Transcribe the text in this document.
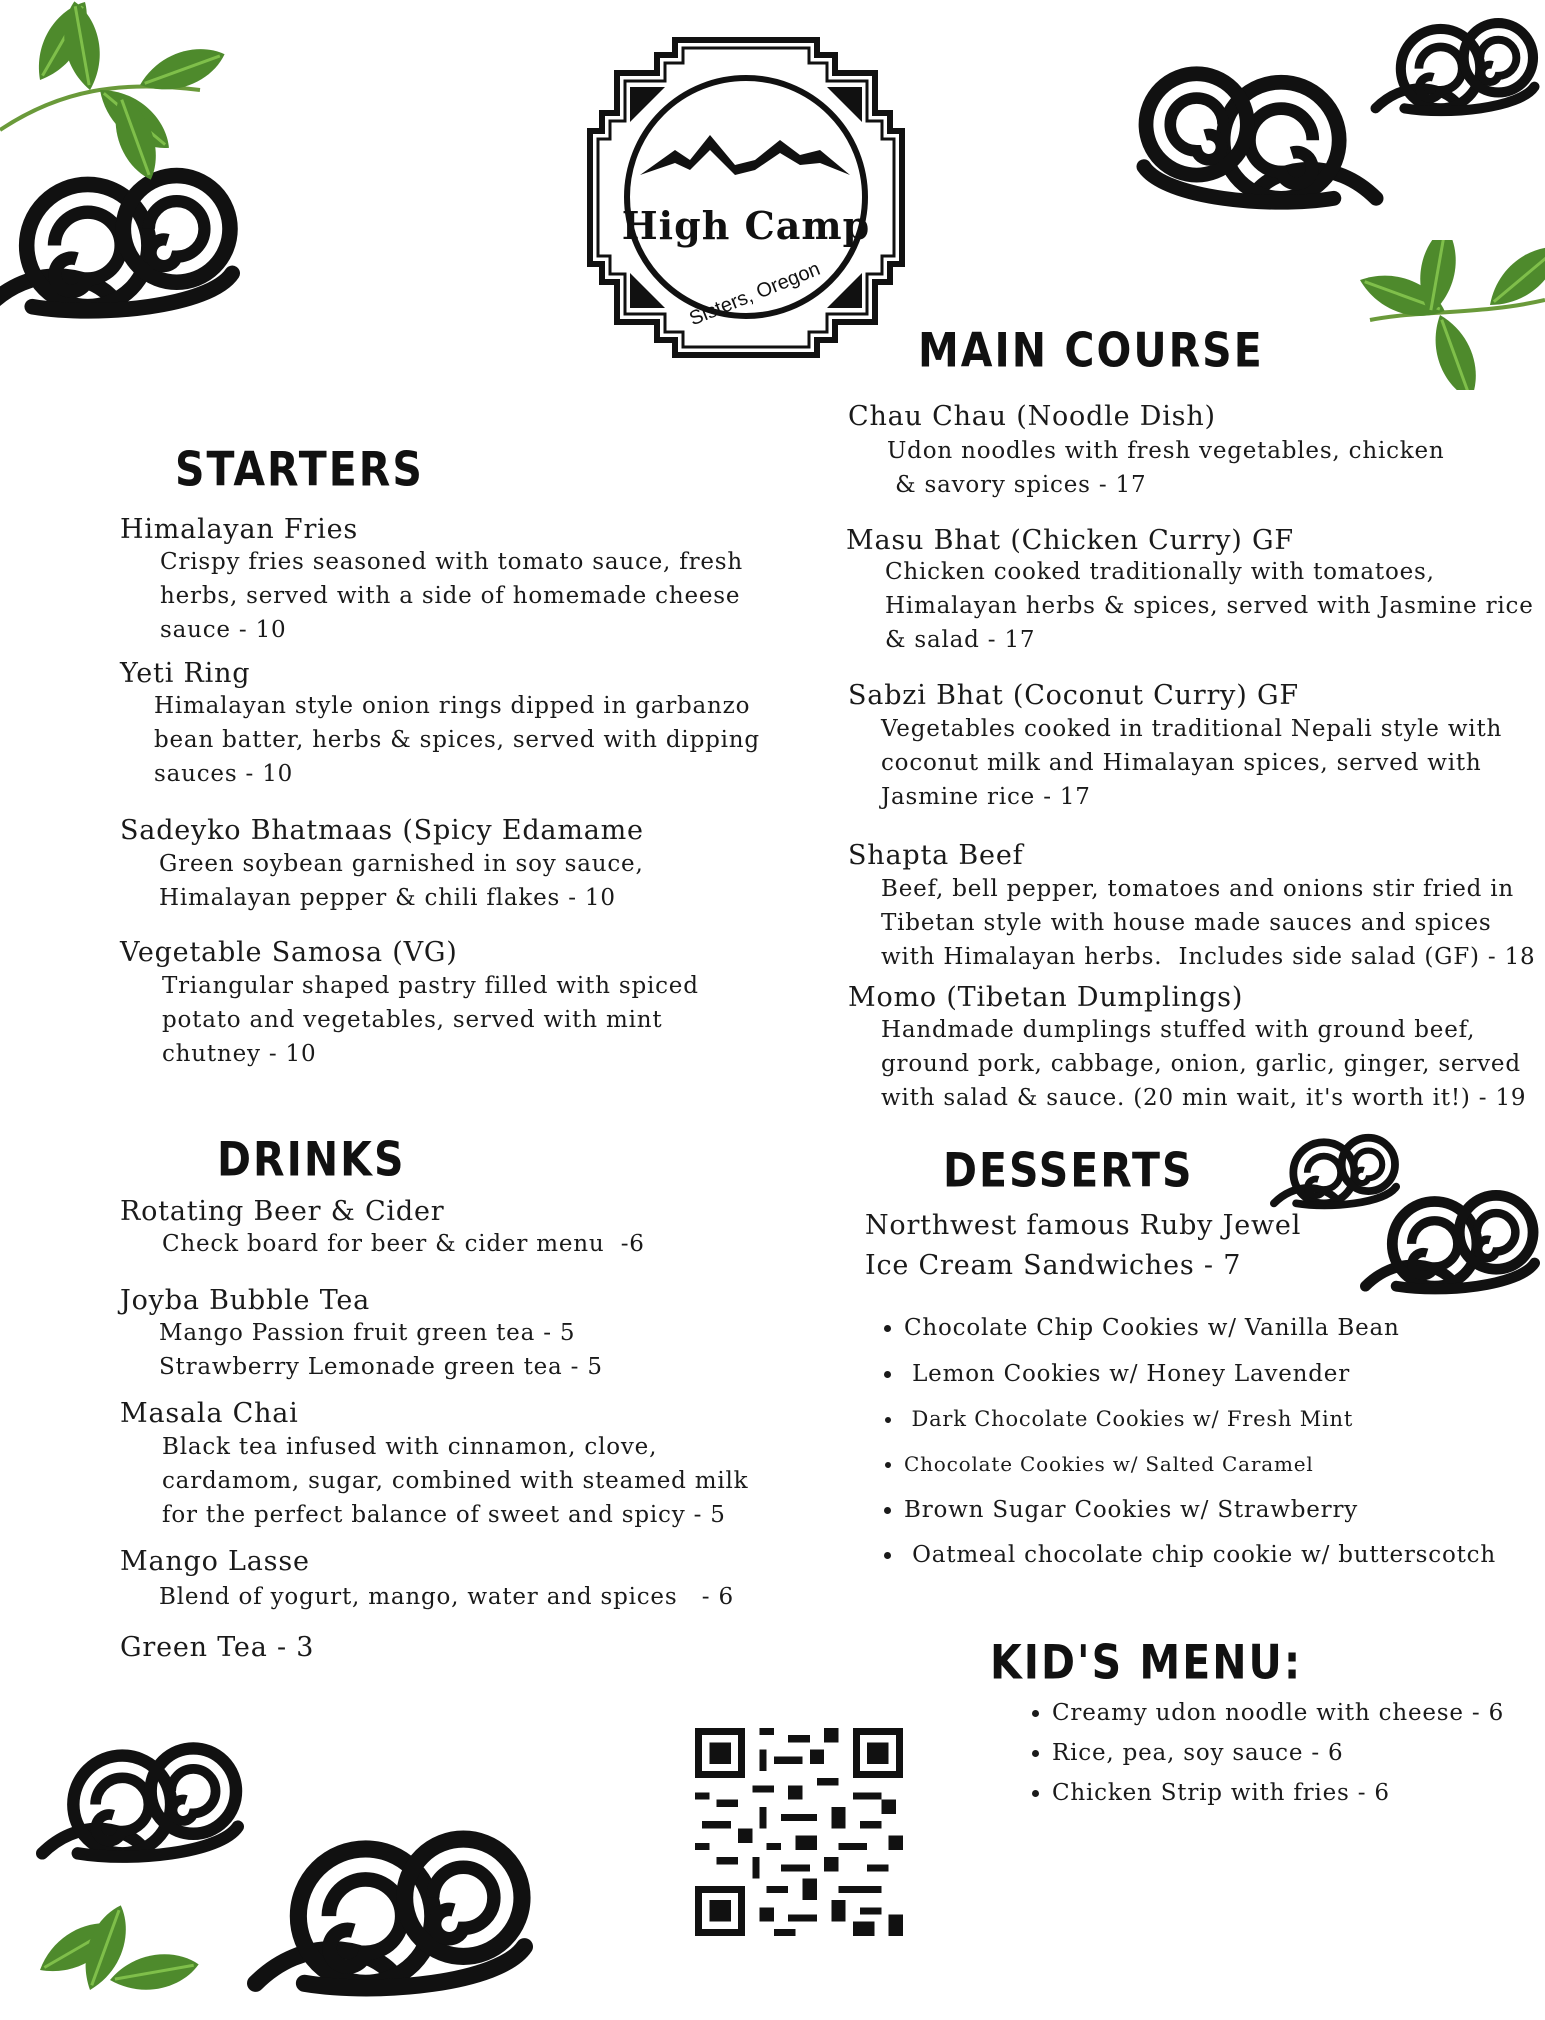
High Camp
Sisters, Oregon
MAIN COURSE
Chau Chau (Noodle Dish)
Udon noodles with fresh vegetables, chicken
& savory spices - 17
Masu Bhat (Chicken Curry) GF
Chicken cooked traditionally with tomatoes,
Himalayan herbs & spices, served with Jasmine rice
& salad - 17
Sabzi Bhat (Coconut Curry) GF
Vegetables cooked in traditional Nepali style with
coconut milk and Himalayan spices, served with
Jasmine rice - 17
Shapta Beef
Beef, bell pepper, tomatoes and onions stir fried in
Tibetan style with house made sauces and spices
with Himalayan herbs.  Includes side salad (GF) - 18
Momo (Tibetan Dumplings)
Handmade dumplings stuffed with ground beef,
ground pork, cabbage, onion, garlic, ginger, served
with salad & sauce. (20 min wait, it's worth it!) - 19
STARTERS
Himalayan Fries
Crispy fries seasoned with tomato sauce, fresh
herbs, served with a side of homemade cheese
sauce - 10
Yeti Ring
Himalayan style onion rings dipped in garbanzo
bean batter, herbs & spices, served with dipping
sauces - 10
Sadeyko Bhatmaas (Spicy Edamame
Green soybean garnished in soy sauce,
Himalayan pepper & chili flakes - 10
Vegetable Samosa (VG)
Triangular shaped pastry filled with spiced
potato and vegetables, served with mint
chutney - 10
DRINKS
Rotating Beer & Cider
Check board for beer & cider menu  -6
Joyba Bubble Tea
Mango Passion fruit green tea - 5
Strawberry Lemonade green tea - 5
Masala Chai
Black tea infused with cinnamon, clove,
cardamom, sugar, combined with steamed milk
for the perfect balance of sweet and spicy - 5
Mango Lasse
Blend of yogurt, mango, water and spices   - 6
Green Tea - 3
DESSERTS
Northwest famous Ruby Jewel
Ice Cream Sandwiches - 7
• Chocolate Chip Cookies w/ Vanilla Bean
•  Lemon Cookies w/ Honey Lavender
•  Dark Chocolate Cookies w/ Fresh Mint
• Chocolate Cookies w/ Salted Caramel
• Brown Sugar Cookies w/ Strawberry
•  Oatmeal chocolate chip cookie w/ butterscotch
KID'S MENU:
• Creamy udon noodle with cheese - 6
• Rice, pea, soy sauce - 6
• Chicken Strip with fries - 6
